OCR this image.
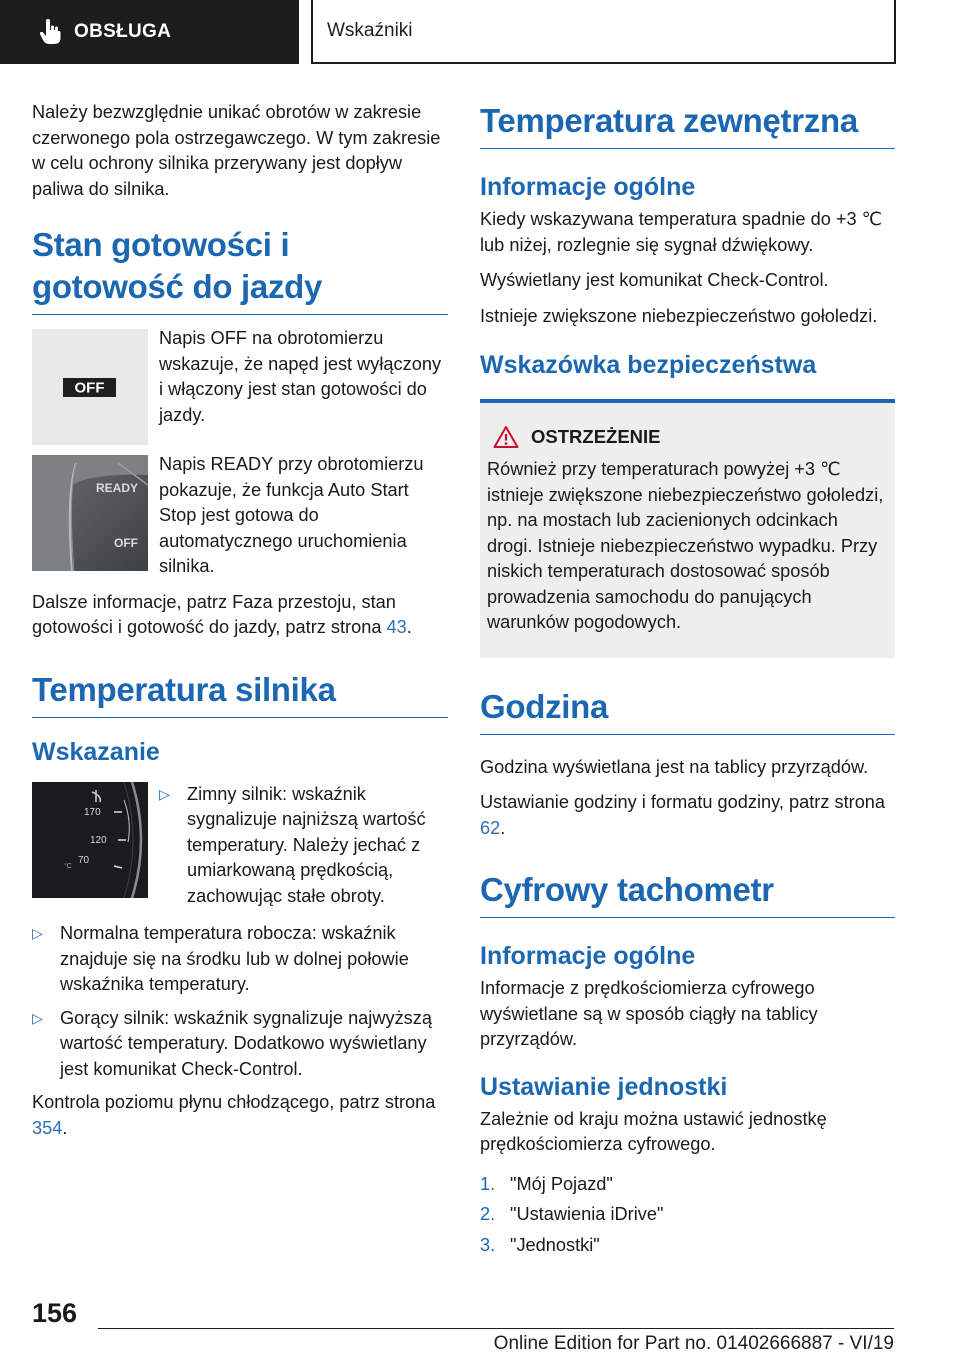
OBSŁUGA	Wskaźniki

Należy bezwzględnie unikać obrotów w zakresie czerwonego pola ostrzegawczego. W tym zakresie w celu ochrony silnika przerywany jest dopływ paliwa do silnika.

Stan gotowości i gotowość do jazdy
OFF
Napis OFF na obrotomierzu wskazuje, że napęd jest wyłączony i włączony jest stan gotowości do jazdy.
READY
OFF
Napis READY przy obrotomierzu pokazuje, że funkcja Auto Start Stop jest gotowa do automatycznego uruchomienia silnika.

Dalsze informacje, patrz Faza przestoju, stan gotowości i gotowość do jazdy, patrz strona 43.

Temperatura silnika
Wskazanie
170
120
70
°C
▷ Zimny silnik: wskaźnik sygnalizuje najniższą wartość temperatury. Należy jechać z umiarkowaną prędkością, zachowując stałe obroty.
▷ Normalna temperatura robocza: wskaźnik znajduje się na środku lub w dolnej połowie wskaźnika temperatury.
▷ Gorący silnik: wskaźnik sygnalizuje najwyższą wartość temperatury. Dodatkowo wyświetlany jest komunikat Check-Control.

Kontrola poziomu płynu chłodzącego, patrz strona 354.

Temperatura zewnętrzna
Informacje ogólne

Kiedy wskazywana temperatura spadnie do +3 ℃ lub niżej, rozlegnie się sygnał dźwiękowy.

Wyświetlany jest komunikat Check-Control.

Istnieje zwiększone niebezpieczeństwo gołoledzi.

Wskazówka bezpieczeństwa
OSTRZEŻENIE

Również przy temperaturach powyżej +3 ℃ istnieje zwiększone niebezpieczeństwo gołoledzi, np. na mostach lub zacienionych odcinkach drogi. Istnieje niebezpieczeństwo wypadku. Przy niskich temperaturach dostosować sposób prowadzenia samochodu do panujących warunków pogodowych.

Godzina

Godzina wyświetlana jest na tablicy przyrządów.

Ustawianie godziny i formatu godziny, patrz strona 62.

Cyfrowy tachometr
Informacje ogólne

Informacje z prędkościomierza cyfrowego wyświetlane są w sposób ciągły na tablicy przyrządów.

Ustawianie jednostki

Zależnie od kraju można ustawić jednostkę prędkościomierza cyfrowego.

1. "Mój Pojazd"
2. "Ustawienia iDrive"
3. "Jednostki"
156
Online Edition for Part no. 01402666887 - VI/19
